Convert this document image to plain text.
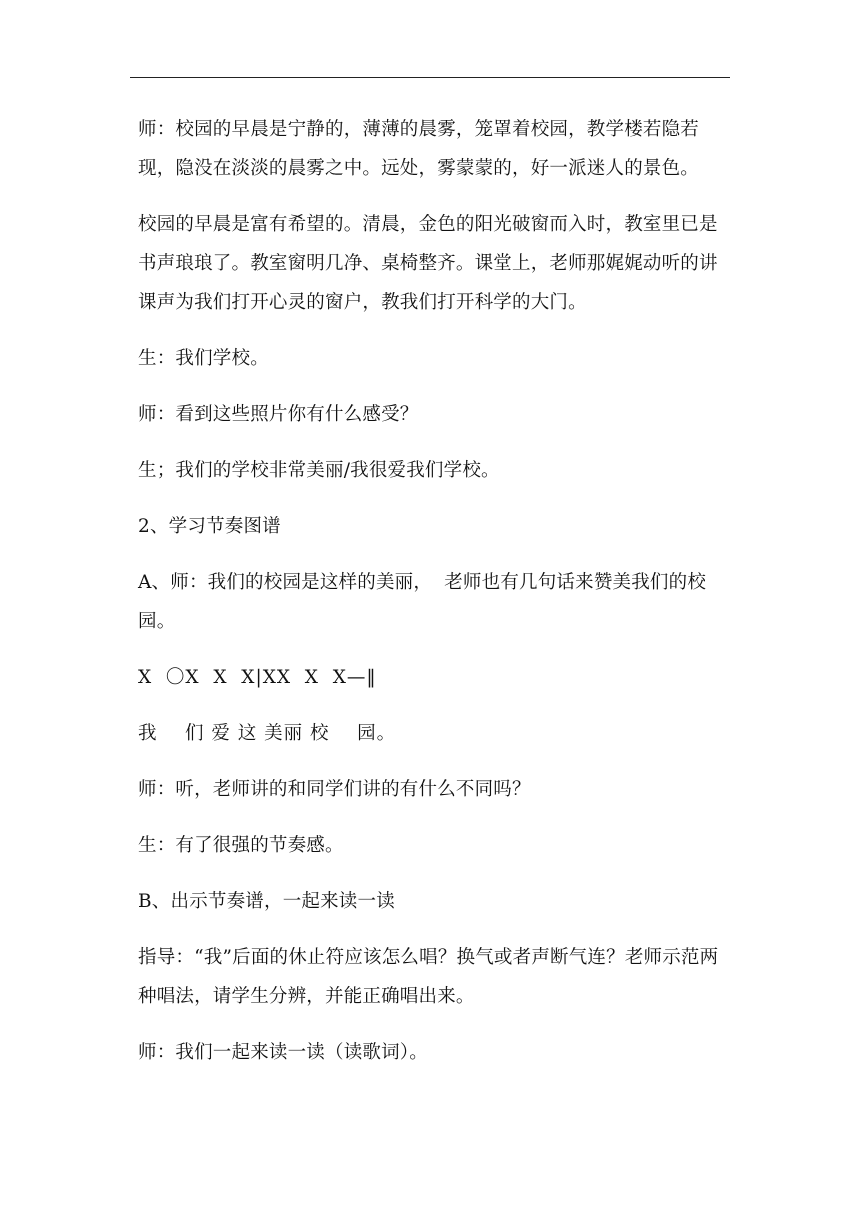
师：校园的早晨是宁静的，薄薄的晨雾，笼罩着校园，教学楼若隐若现，隐没在淡淡的晨雾之中。远处，雾蒙蒙的，好一派迷人的景色。

校园的早晨是富有希望的。清晨，金色的阳光破窗而入时，教室里已是书声琅琅了。教室窗明几净、桌椅整齐。课堂上，老师那娓娓动听的讲课声为我们打开心灵的窗户，教我们打开科学的大门。

生：我们学校。

师：看到这些照片你有什么感受？

生；我们的学校非常美丽/我很爱我们学校。

2、学习节奏图谱

A、师：我们的校园是这样的美丽，  老师也有几句话来赞美我们的校园。

X  〇X  X  X|XX  X  X—‖

我    们 爱 这 美丽 校    园。

师：听，老师讲的和同学们讲的有什么不同吗？

生：有了很强的节奏感。

B、出示节奏谱，一起来读一读

指导：“我”后面的休止符应该怎么唱？换气或者声断气连？老师示范两种唱法，请学生分辨，并能正确唱出来。

师：我们一起来读一读（读歌词）。
